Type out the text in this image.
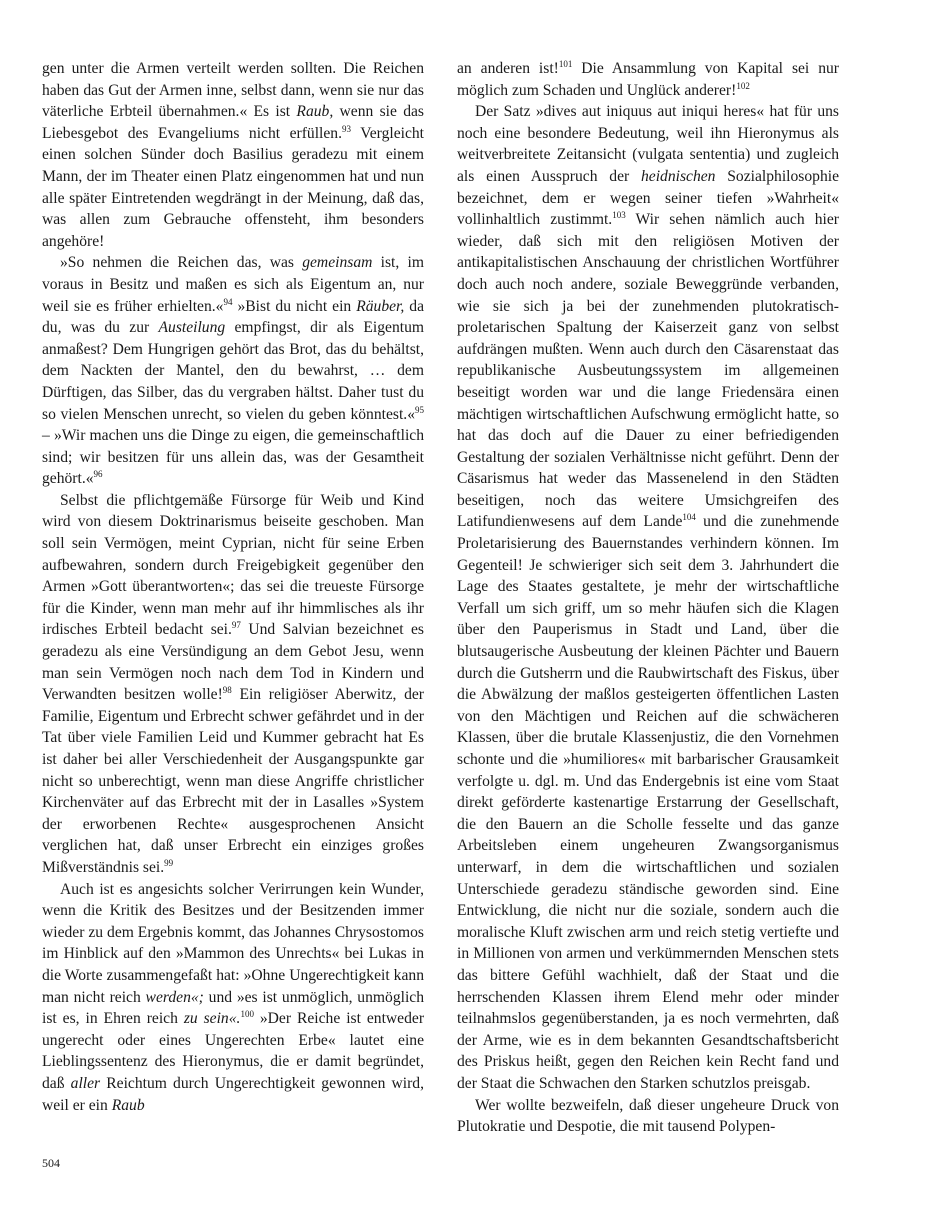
gen unter die Armen verteilt werden sollten. Die Reichen haben das Gut der Armen inne, selbst dann, wenn sie nur das väterliche Erbteil übernahmen.« Es ist Raub, wenn sie das Liebesgebot des Evangeliums nicht erfüllen.$^{93}$ Vergleicht einen solchen Sünder doch Basilius geradezu mit einem Mann, der im Theater einen Platz eingenommen hat und nun alle später Eintretenden wegdrängt in der Meinung, daß das, was allen zum Gebrauche offensteht, ihm besonders angehöre!

»So nehmen die Reichen das, was gemeinsam ist, im voraus in Besitz und maßen es sich als Eigentum an, nur weil sie es früher erhielten.«$^{94}$ »Bist du nicht ein Räuber, da du, was du zur Austeilung empfingst, dir als Eigentum anmaßest? Dem Hungrigen gehört das Brot, das du behältst, dem Nackten der Mantel, den du bewahrst, … dem Dürftigen, das Silber, das du vergraben hältst. Daher tust du so vielen Menschen unrecht, so vielen du geben könntest.«$^{95}$ – »Wir machen uns die Dinge zu eigen, die gemeinschaftlich sind; wir besitzen für uns allein das, was der Gesamtheit gehört.«$^{96}$

Selbst die pflichtgemäße Fürsorge für Weib und Kind wird von diesem Doktrinarismus beiseite geschoben. Man soll sein Vermögen, meint Cyprian, nicht für seine Erben aufbewahren, sondern durch Freigebigkeit gegenüber den Armen »Gott überantworten«; das sei die treueste Fürsorge für die Kinder, wenn man mehr auf ihr himmlisches als ihr irdisches Erbteil bedacht sei.$^{97}$ Und Salvian bezeichnet es geradezu als eine Versündigung an dem Gebot Jesu, wenn man sein Vermögen noch nach dem Tod in Kindern und Verwandten besitzen wolle!$^{98}$ Ein religiöser Aberwitz, der Familie, Eigentum und Erbrecht schwer gefährdet und in der Tat über viele Familien Leid und Kummer gebracht hat Es ist daher bei aller Verschiedenheit der Ausgangspunkte gar nicht so unberechtigt, wenn man diese Angriffe christlicher Kirchenväter auf das Erbrecht mit der in Lasalles »System der erworbenen Rechte« ausgesprochenen Ansicht verglichen hat, daß unser Erbrecht ein einziges großes Mißverständnis sei.$^{99}$

Auch ist es angesichts solcher Verirrungen kein Wunder, wenn die Kritik des Besitzes und der Besitzenden immer wieder zu dem Ergebnis kommt, das Johannes Chrysostomos im Hinblick auf den »Mammon des Unrechts« bei Lukas in die Worte zusammengefaßt hat: »Ohne Ungerechtigkeit kann man nicht reich werden«; und »es ist unmöglich, unmöglich ist es, in Ehren reich zu sein«.$^{100}$ »Der Reiche ist entweder ungerecht oder eines Ungerechten Erbe« lautet eine Lieblingssentenz des Hieronymus, die er damit begründet, daß aller Reichtum durch Ungerechtigkeit gewonnen wird, weil er ein Raub

an anderen ist!$^{101}$ Die Ansammlung von Kapital sei nur möglich zum Schaden und Unglück anderer!$^{102}$

Der Satz »dives aut iniquus aut iniqui heres« hat für uns noch eine besondere Bedeutung, weil ihn Hieronymus als weitverbreitete Zeitansicht (vulgata sententia) und zugleich als einen Ausspruch der heidnischen Sozialphilosophie bezeichnet, dem er wegen seiner tiefen »Wahrheit« vollinhaltlich zustimmt.$^{103}$ Wir sehen nämlich auch hier wieder, daß sich mit den religiösen Motiven der antikapitalistischen Anschauung der christlichen Wortführer doch auch noch andere, soziale Beweggründe verbanden, wie sie sich ja bei der zunehmenden plutokratisch-proletarischen Spaltung der Kaiserzeit ganz von selbst aufdrängen mußten. Wenn auch durch den Cäsarenstaat das republikanische Ausbeutungssystem im allgemeinen beseitigt worden war und die lange Friedensära einen mächtigen wirtschaftlichen Aufschwung ermöglicht hatte, so hat das doch auf die Dauer zu einer befriedigenden Gestaltung der sozialen Verhältnisse nicht geführt. Denn der Cäsarismus hat weder das Massenelend in den Städten beseitigen, noch das weitere Umsichgreifen des Latifundienwesens auf dem Lande$^{104}$ und die zunehmende Proletarisierung des Bauernstandes verhindern können. Im Gegenteil! Je schwieriger sich seit dem 3. Jahrhundert die Lage des Staates gestaltete, je mehr der wirtschaftliche Verfall um sich griff, um so mehr häufen sich die Klagen über den Pauperismus in Stadt und Land, über die blutsaugerische Ausbeutung der kleinen Pächter und Bauern durch die Gutsherrn und die Raubwirtschaft des Fiskus, über die Abwälzung der maßlos gesteigerten öffentlichen Lasten von den Mächtigen und Reichen auf die schwächeren Klassen, über die brutale Klassenjustiz, die den Vornehmen schonte und die »humiliores« mit barbarischer Grausamkeit verfolgte u. dgl. m. Und das Endergebnis ist eine vom Staat direkt geförderte kastenartige Erstarrung der Gesellschaft, die den Bauern an die Scholle fesselte und das ganze Arbeitsleben einem ungeheuren Zwangsorganismus unterwarf, in dem die wirtschaftlichen und sozialen Unterschiede geradezu ständische geworden sind. Eine Entwicklung, die nicht nur die soziale, sondern auch die moralische Kluft zwischen arm und reich stetig vertiefte und in Millionen von armen und verkümmernden Menschen stets das bittere Gefühl wachhielt, daß der Staat und die herrschenden Klassen ihrem Elend mehr oder minder teilnahmslos gegenüberstanden, ja es noch vermehrten, daß der Arme, wie es in dem bekannten Gesandtschaftsbericht des Priskus heißt, gegen den Reichen kein Recht fand und der Staat die Schwachen den Starken schutzlos preisgab.

Wer wollte bezweifeln, daß dieser ungeheure Druck von Plutokratie und Despotie, die mit tausend Polypen-

504
